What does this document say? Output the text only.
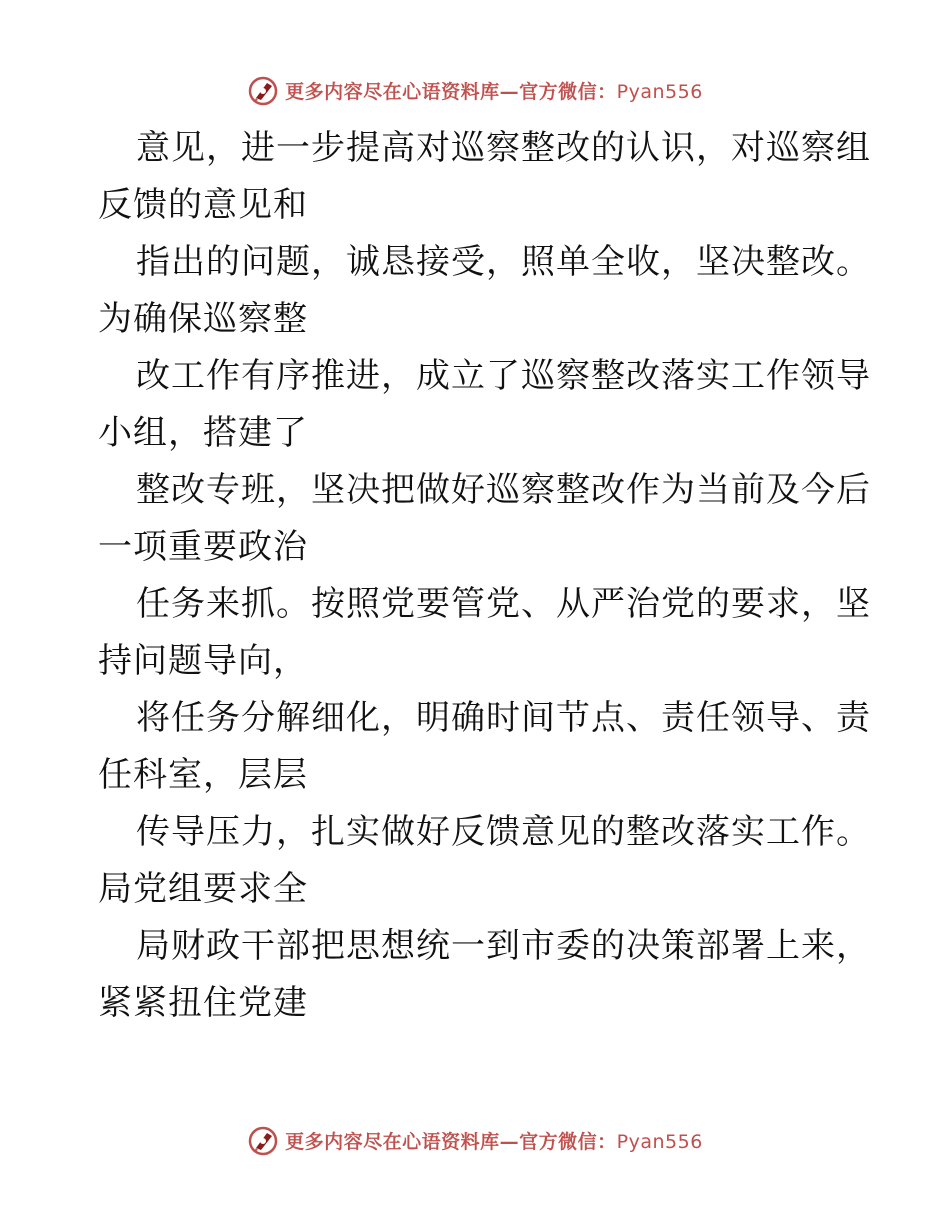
更多内容尽在心语资料库—官方微信：Pyan556

意见，进一步提高对巡察整改的认识，对巡察组
反馈的意见和

指出的问题，诚恳接受，照单全收，坚决整改。
为确保巡察整

改工作有序推进，成立了巡察整改落实工作领导
小组，搭建了

整改专班，坚决把做好巡察整改作为当前及今后
一项重要政治

任务来抓。按照党要管党、从严治党的要求，坚
持问题导向，

将任务分解细化，明确时间节点、责任领导、责
任科室，层层

传导压力，扎实做好反馈意见的整改落实工作。
局党组要求全

局财政干部把思想统一到市委的决策部署上来，
紧紧扭住党建

更多内容尽在心语资料库—官方微信：Pyan556
